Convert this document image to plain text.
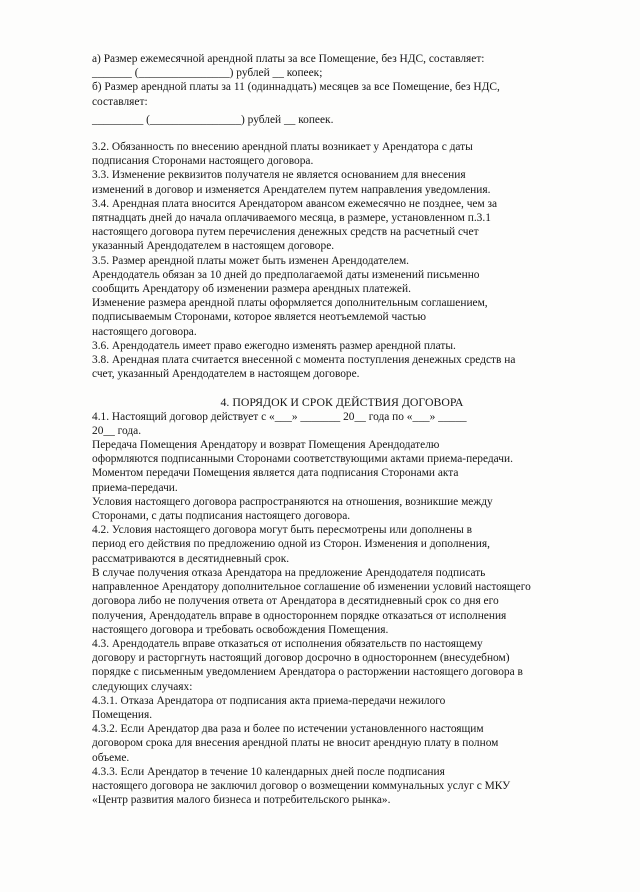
а) Размер ежемесячной арендной платы за все Помещение, без НДС, составляет:

_______ (________________) рублей __ копеек;

б) Размер арендной платы за 11 (одиннадцать) месяцев за все Помещение, без НДС,
составляет:

_________ (________________) рублей __ копеек.

3.2. Обязанность по внесению арендной платы возникает у Арендатора с даты
подписания Сторонами настоящего договора.

3.3. Изменение реквизитов получателя не является основанием для внесения
изменений в договор и изменяется Арендателем путем направления уведомления.

3.4. Арендная плата вносится Арендатором авансом ежемесячно не позднее, чем за
пятнадцать дней до начала оплачиваемого месяца, в размере, установленном п.3.1
настоящего договора путем перечисления денежных средств на расчетный счет
указанный Арендодателем в настоящем договоре.

3.5. Размер арендной платы может быть изменен Арендодателем.

Арендодатель обязан за 10 дней до предполагаемой даты изменений письменно
сообщить Арендатору об изменении размера арендных платежей.

Изменение размера арендной платы оформляется дополнительным соглашением,
подписываемым Сторонами, которое является неотъемлемой частью
настоящего договора.

3.6. Арендодатель имеет право ежегодно изменять размер арендной платы.

3.8. Арендная плата считается внесенной с момента поступления денежных средств на
счет, указанный Арендодателем в настоящем договоре.

4. ПОРЯДОК И СРОК ДЕЙСТВИЯ ДОГОВОРА

4.1. Настоящий договор действует с «___» _______ 20__ года по «___» _____
20__ года.

Передача Помещения Арендатору и возврат Помещения Арендодателю
оформляются подписанными Сторонами соответствующими актами приема-передачи.

Моментом передачи Помещения является дата подписания Сторонами акта
приема-передачи.

Условия настоящего договора распространяются на отношения, возникшие между
Сторонами, с даты подписания настоящего договора.

4.2. Условия настоящего договора могут быть пересмотрены или дополнены в
период его действия по предложению одной из Сторон. Изменения и дополнения,
рассматриваются в десятидневный срок.

В случае получения отказа Арендатора на предложение Арендодателя подписать
направленное Арендатору дополнительное соглашение об изменении условий настоящего
договора либо не получения ответа от Арендатора в десятидневный срок со дня его
получения, Арендодатель вправе в одностороннем порядке отказаться от исполнения
настоящего договора и требовать освобождения Помещения.

4.3. Арендодатель вправе отказаться от исполнения обязательств по настоящему
договору и расторгнуть настоящий договор досрочно в одностороннем (внесудебном)
порядке с письменным уведомлением Арендатора о расторжении настоящего договора в
следующих случаях:

4.3.1. Отказа Арендатора от подписания акта приема-передачи нежилого
Помещения.

4.3.2. Если Арендатор два раза и более по истечении установленного настоящим
договором срока для внесения арендной платы не вносит арендную плату в полном
объеме.

4.3.3. Если Арендатор в течение 10 календарных дней после подписания
настоящего договора не заключил договор о возмещении коммунальных услуг с МКУ
«Центр развития малого бизнеса и потребительского рынка».
